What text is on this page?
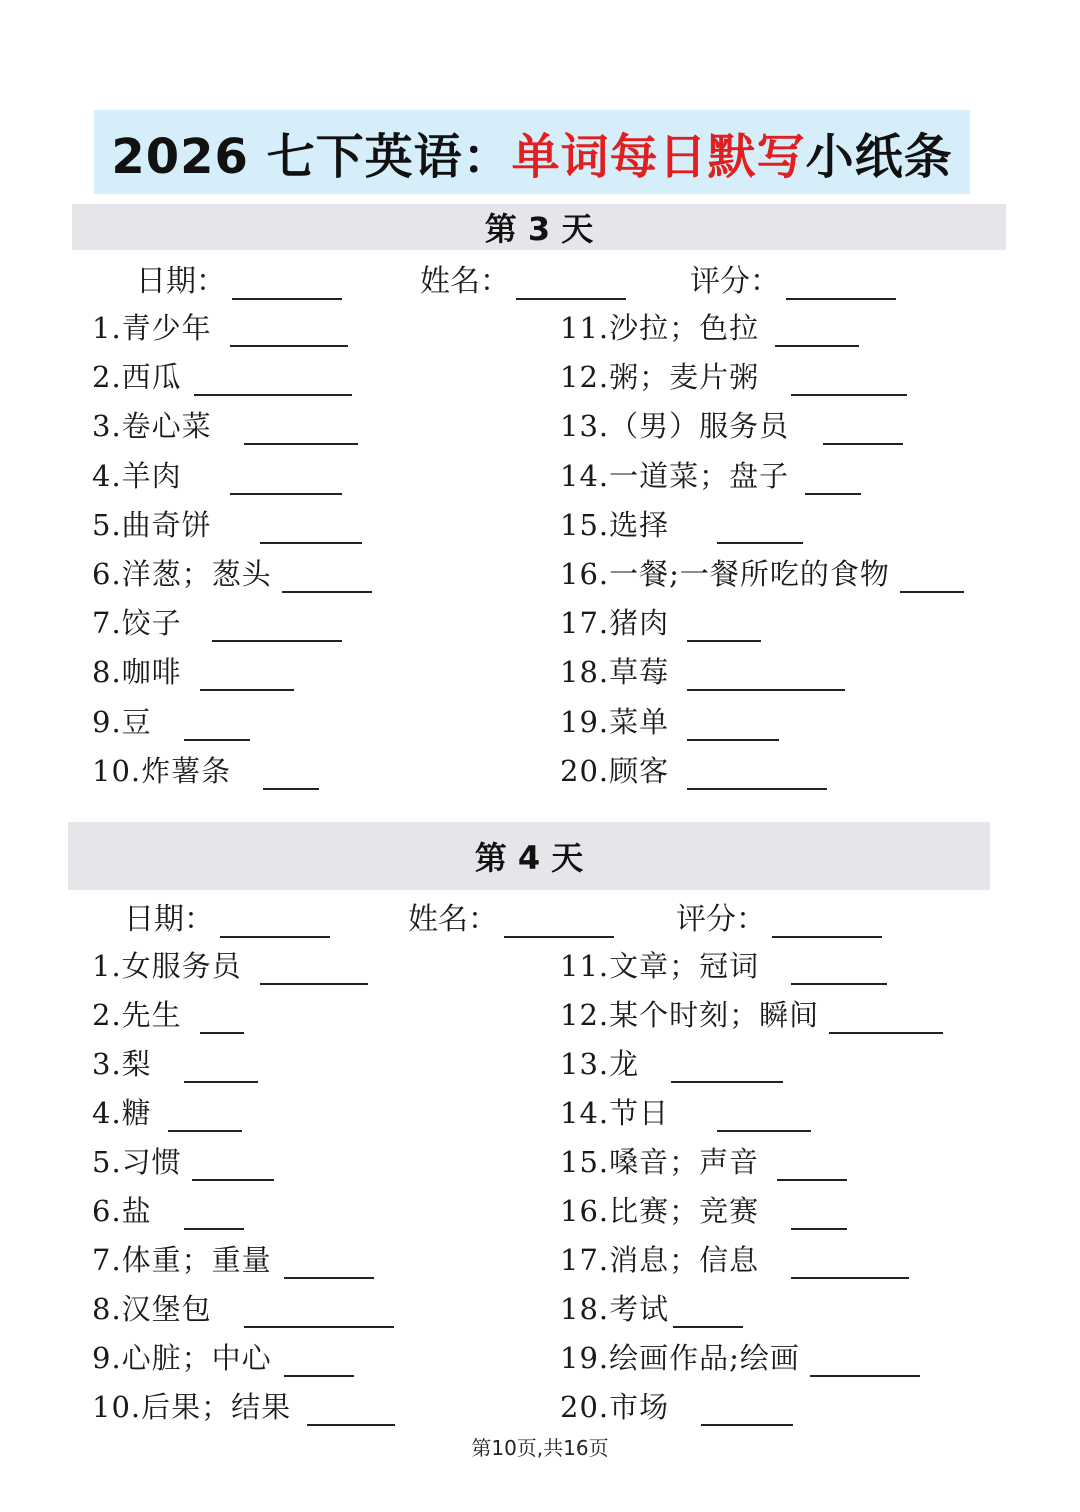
2026 七下英语： 单词每日默写 小纸条
第 3 天
日期：	姓名：	评分：
1.青少年
2.西瓜
3.卷心菜
4.羊肉
5.曲奇饼
6.洋葱；葱头
7.饺子
8.咖啡
9.豆
10.炸薯条
11.沙拉；色拉
12.粥；麦片粥
13.（男）服务员
14.一道菜；盘子
15.选择
16.一餐;一餐所吃的食物
17.猪肉
18.草莓
19.菜单
20.顾客
第 4 天
日期：	姓名：	评分：
1.女服务员
2.先生
3.梨
4.糖
5.习惯
6.盐
7.体重；重量
8.汉堡包
9.心脏；中心
10.后果；结果
11.文章；冠词
12.某个时刻；瞬间
13.龙
14.节日
15.嗓音；声音
16.比赛；竞赛
17.消息；信息
18.考试
19.绘画作品;绘画
20.市场
第10页,共16页
